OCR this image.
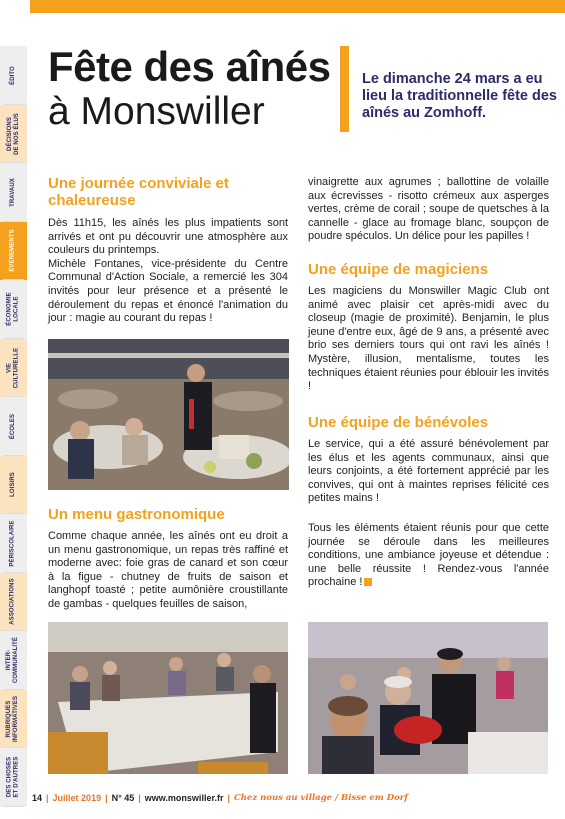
ÉDITO
DÉCISIONS
DE NOS ÉLUS
TRAVAUX
ÉVÉNEMENTS
ÉCONOMIE
LOCALE
VIE
CULTURELLE
ÉCOLES
LOISIRS
PÉRISCOLAIRE
ASSOCIATIONS
INTER-
COMMUNALITÉ
RUBRIQUES
INFORMATIVES
DES CHOSES
ET D'AUTRES
Fête des aînés
à Monswiller
Le dimanche 24 mars a eu lieu la traditionnelle fête des aînés au Zomhoff.
Une journée conviviale et chaleureuse

Dès 11h15, les aînés les plus impatients sont arrivés et ont pu découvrir une atmosphère aux couleurs du printemps.

Michèle Fontanes, vice-présidente du Centre Communal d'Action Sociale, a remercié les 304 invités pour leur présence et a présenté le déroulement du repas et énoncé l'animation du jour : magie au courant du repas !

Un menu gastronomique
Comme chaque année, les aînés ont eu droit a un menu gastronomique, un repas très raffiné et moderne avec: foie gras de canard et son cœur à la figue - chutney de fruits de saison et langhopf toasté ; petite aumônière croustillante de gambas - quelques feuilles de saison,
vinaigrette aux agrumes ; ballottine de volaille aux écrevisses - risotto crémeux aux asperges vertes, crème de corail ; soupe de quetsches à la cannelle - glace au fromage blanc, soupçon de poudre spéculos. Un délice pour les papilles !
Une équipe de magiciens
Les magiciens du Monswiller Magic Club ont animé avec plaisir cet après-midi avec du closeup (magie de proximité). Benjamin, le plus jeune d'entre eux, âgé de 9 ans, a présenté avec brio ses derniers tours qui ont ravi les aînés ! Mystère, illusion, mentalisme, toutes les techniques étaient réunies pour éblouir les invités !
Une équipe de bénévoles
Le service, qui a été assuré bénévolement par les élus et les agents communaux, ainsi que leurs conjoints, a été fortement apprécié par les convives, qui ont à maintes reprises félicité ces petites mains !
Tous les éléments étaient réunis pour que cette journée se déroule dans les meilleures conditions, une ambiance joyeuse et détendue : une belle réussite ! Rendez-vous l'année prochaine !
14 | Juillet 2019 | N° 45 | www.monswiller.fr | Chez nous au village / Bisse em Dorf
